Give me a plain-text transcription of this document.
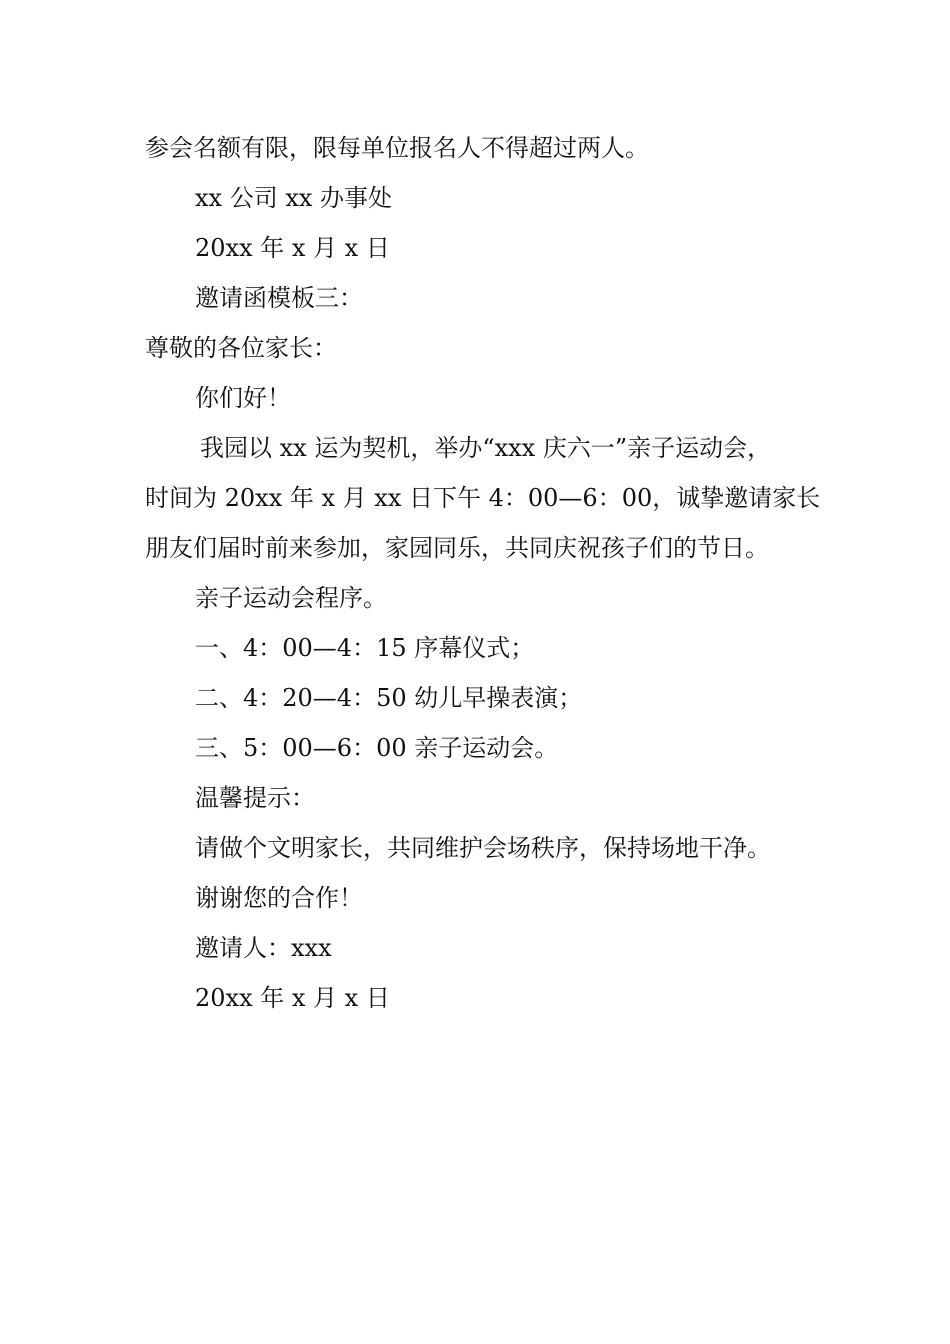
参会名额有限，限每单位报名人不得超过两人。
xx 公司 xx 办事处
20xx 年 x 月 x 日
邀请函模板三：
尊敬的各位家长：
你们好！
我园以 xx 运为契机，举办“xxx 庆六一”亲子运动会，
时间为 20xx 年 x 月 xx 日下午 4：00—6：00，诚挚邀请家长
朋友们届时前来参加，家园同乐，共同庆祝孩子们的节日。
亲子运动会程序。
一、4：00—4：15 序幕仪式；
二、4：20—4：50 幼儿早操表演；
三、5：00—6：00 亲子运动会。
温馨提示：
请做个文明家长，共同维护会场秩序，保持场地干净。
谢谢您的合作！
邀请人：xxx
20xx 年 x 月 x 日
